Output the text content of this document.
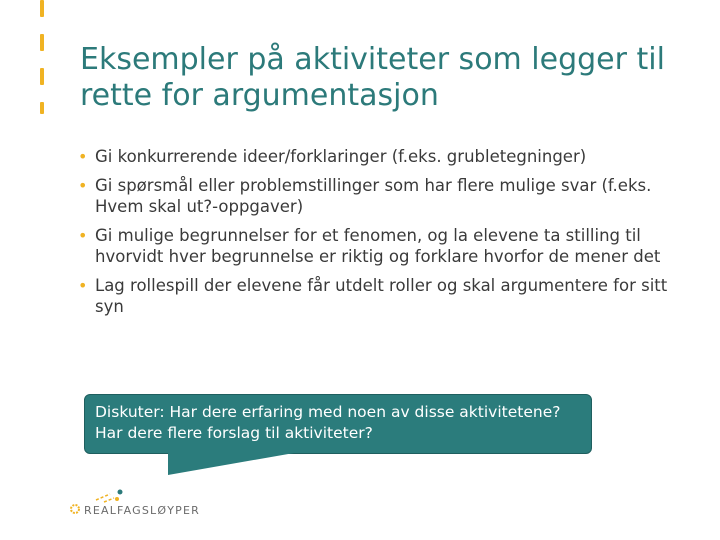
Eksempler på aktiviteter som legger til rette for argumentasjon
• Gi konkurrerende ideer/forklaringer (f.eks. grubletegninger)
• Gi spørsmål eller problemstillinger som har flere mulige svar (f.eks. Hvem skal ut?-oppgaver)
• Gi mulige begrunnelser for et fenomen, og la elevene ta stilling til hvorvidt hver begrunnelse er riktig og forklare hvorfor de mener det
• Lag rollespill der elevene får utdelt roller og skal argumentere for sitt syn
Diskuter: Har dere erfaring med noen av disse aktivitetene?
Har dere flere forslag til aktiviteter?
REALFAGSLØYPER
